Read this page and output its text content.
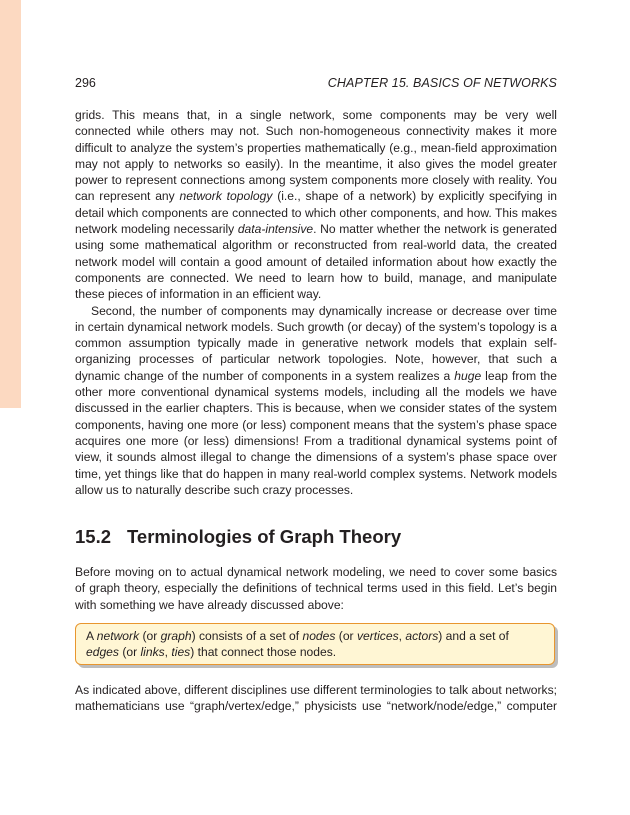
296	CHAPTER 15. BASICS OF NETWORKS

grids. This means that, in a single network, some components may be very well connected while others may not. Such non-homogeneous connectivity makes it more difficult to analyze the system’s properties mathematically (e.g., mean-field approximation may not apply to networks so easily). In the meantime, it also gives the model greater power to represent connections among system components more closely with reality. You can represent any network topology (i.e., shape of a network) by explicitly specifying in detail which components are connected to which other components, and how. This makes network modeling necessarily data-intensive. No matter whether the network is generated using some mathematical algorithm or reconstructed from real-world data, the created network model will contain a good amount of detailed information about how exactly the components are connected. We need to learn how to build, manage, and manipulate these pieces of information in an efficient way.

Second, the number of components may dynamically increase or decrease over time in certain dynamical network models. Such growth (or decay) of the system’s topology is a common assumption typically made in generative network models that explain self-organizing processes of particular network topologies. Note, however, that such a dynamic change of the number of components in a system realizes a huge leap from the other more conventional dynamical systems models, including all the models we have discussed in the earlier chapters. This is because, when we consider states of the system components, having one more (or less) component means that the system’s phase space acquires one more (or less) dimensions! From a traditional dynamical systems point of view, it sounds almost illegal to change the dimensions of a system’s phase space over time, yet things like that do happen in many real-world complex systems. Network models allow us to naturally describe such crazy processes.

15.2 Terminologies of Graph Theory

Before moving on to actual dynamical network modeling, we need to cover some basics of graph theory, especially the definitions of technical terms used in this field. Let’s begin with something we have already discussed above:

A network (or graph) consists of a set of nodes (or vertices, actors) and a set of edges (or links, ties) that connect those nodes.

As indicated above, different disciplines use different terminologies to talk about networks; mathematicians use “graph/vertex/edge,” physicists use “network/node/edge,” computer
